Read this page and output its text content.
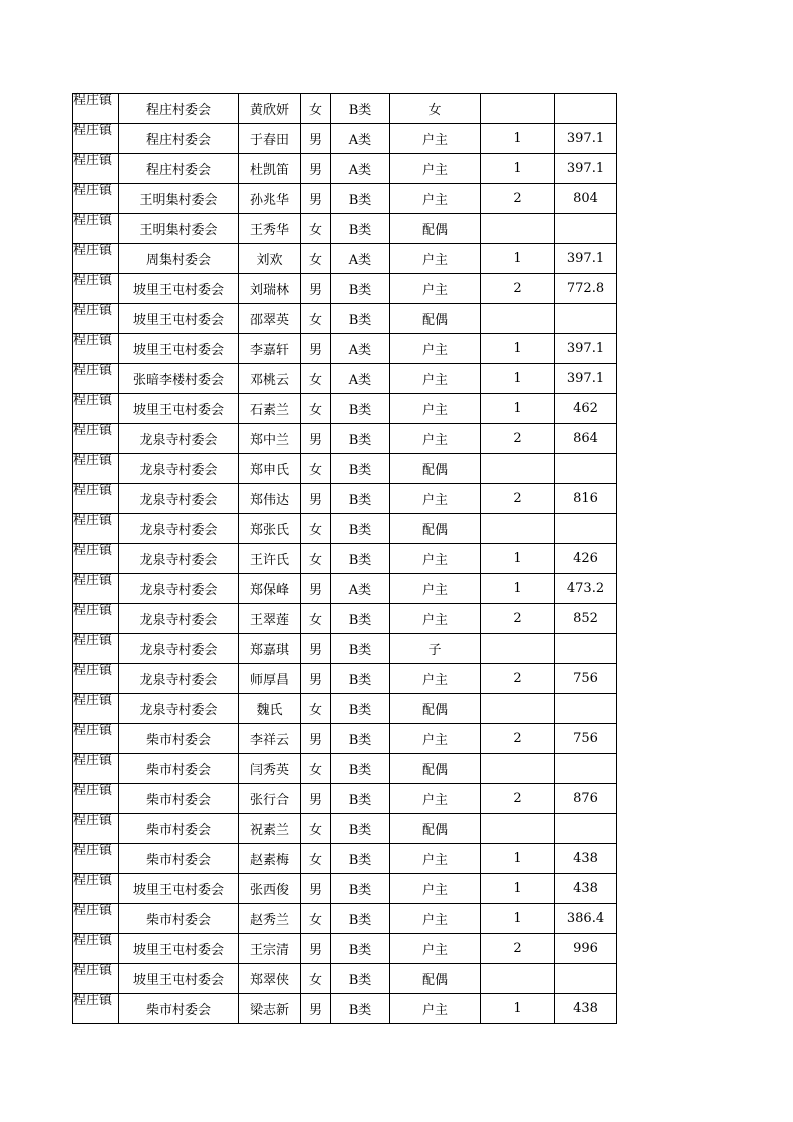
程庄镇	程庄村委会	黄欣妍	女	B类	女		

程庄镇	程庄村委会	于春田	男	A类	户主	1	397.1

程庄镇	程庄村委会	杜凯笛	男	A类	户主	1	397.1

程庄镇	王明集村委会	孙兆华	男	B类	户主	2	804

程庄镇	王明集村委会	王秀华	女	B类	配偶		

程庄镇	周集村委会	刘欢	女	A类	户主	1	397.1

程庄镇	坡里王屯村委会	刘瑞林	男	B类	户主	2	772.8

程庄镇	坡里王屯村委会	邵翠英	女	B类	配偶		

程庄镇	坡里王屯村委会	李嘉轩	男	A类	户主	1	397.1

程庄镇	张暗李楼村委会	邓桃云	女	A类	户主	1	397.1

程庄镇	坡里王屯村委会	石素兰	女	B类	户主	1	462

程庄镇	龙泉寺村委会	郑中兰	男	B类	户主	2	864

程庄镇	龙泉寺村委会	郑申氏	女	B类	配偶		

程庄镇	龙泉寺村委会	郑伟达	男	B类	户主	2	816

程庄镇	龙泉寺村委会	郑张氏	女	B类	配偶		

程庄镇	龙泉寺村委会	王许氏	女	B类	户主	1	426

程庄镇	龙泉寺村委会	郑保峰	男	A类	户主	1	473.2

程庄镇	龙泉寺村委会	王翠莲	女	B类	户主	2	852

程庄镇	龙泉寺村委会	郑嘉琪	男	B类	子		

程庄镇	龙泉寺村委会	师厚昌	男	B类	户主	2	756

程庄镇	龙泉寺村委会	魏氏	女	B类	配偶		

程庄镇	柴市村委会	李祥云	男	B类	户主	2	756

程庄镇	柴市村委会	闫秀英	女	B类	配偶		

程庄镇	柴市村委会	张行合	男	B类	户主	2	876

程庄镇	柴市村委会	祝素兰	女	B类	配偶		

程庄镇	柴市村委会	赵素梅	女	B类	户主	1	438

程庄镇	坡里王屯村委会	张西俊	男	B类	户主	1	438

程庄镇	柴市村委会	赵秀兰	女	B类	户主	1	386.4

程庄镇	坡里王屯村委会	王宗清	男	B类	户主	2	996

程庄镇	坡里王屯村委会	郑翠侠	女	B类	配偶		

程庄镇	柴市村委会	梁志新	男	B类	户主	1	438
